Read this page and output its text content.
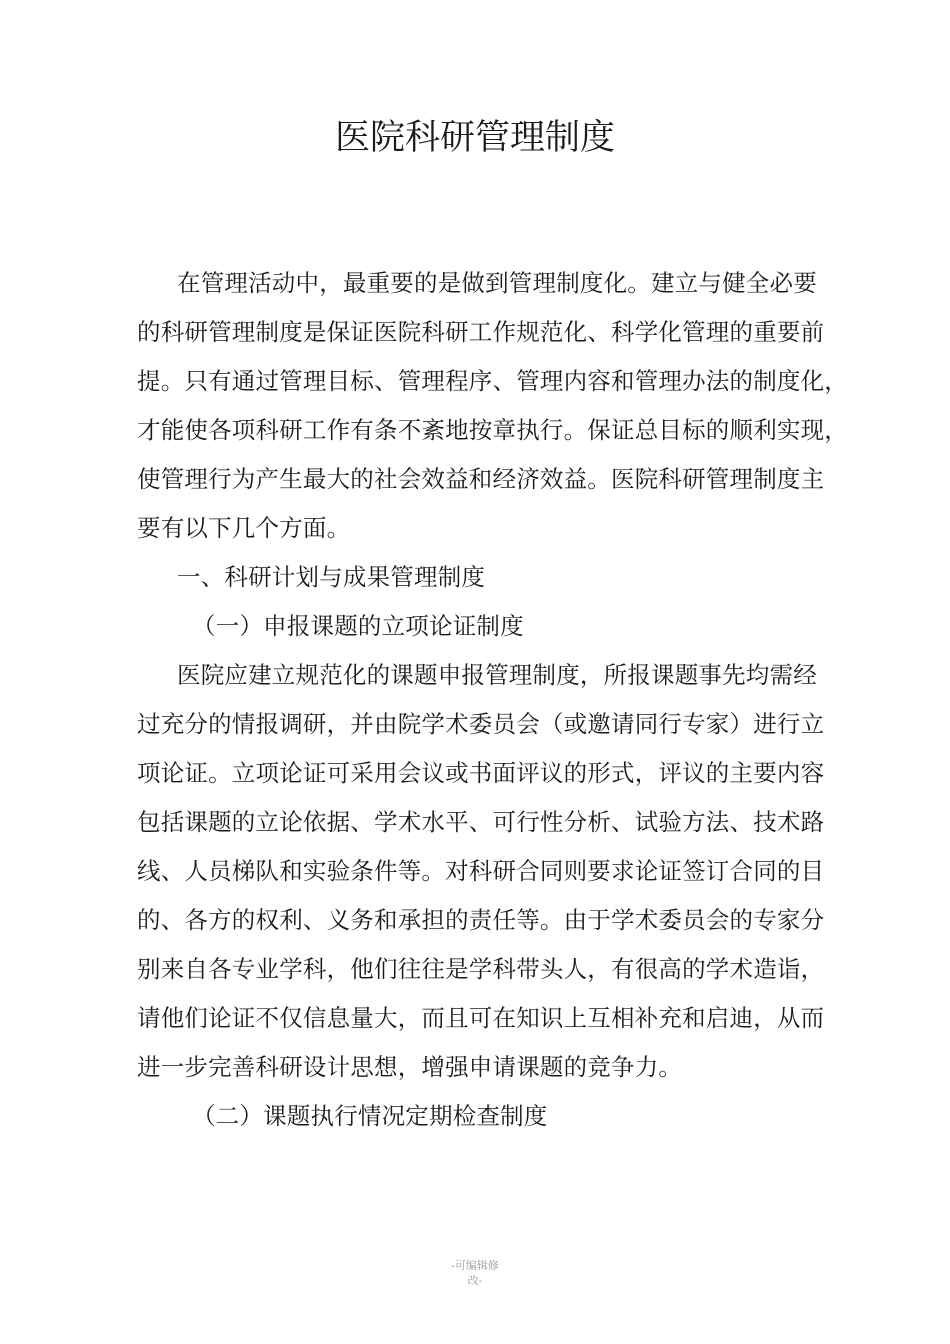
医院科研管理制度
在管理活动中，最重要的是做到管理制度化。建立与健全必要
的科研管理制度是保证医院科研工作规范化、科学化管理的重要前
提。只有通过管理目标、管理程序、管理内容和管理办法的制度化，
才能使各项科研工作有条不紊地按章执行。保证总目标的顺利实现，
使管理行为产生最大的社会效益和经济效益。医院科研管理制度主
要有以下几个方面。
一、科研计划与成果管理制度
（一）申报课题的立项论证制度
医院应建立规范化的课题申报管理制度，所报课题事先均需经
过充分的情报调研，并由院学术委员会（或邀请同行专家）进行立
项论证。立项论证可采用会议或书面评议的形式，评议的主要内容
包括课题的立论依据、学术水平、可行性分析、试验方法、技术路
线、人员梯队和实验条件等。对科研合同则要求论证签订合同的目
的、各方的权利、义务和承担的责任等。由于学术委员会的专家分
别来自各专业学科，他们往往是学科带头人，有很高的学术造诣，
请他们论证不仅信息量大，而且可在知识上互相补充和启迪，从而
进一步完善科研设计思想，增强申请课题的竞争力。
（二）课题执行情况定期检查制度
-可编辑修
改-
